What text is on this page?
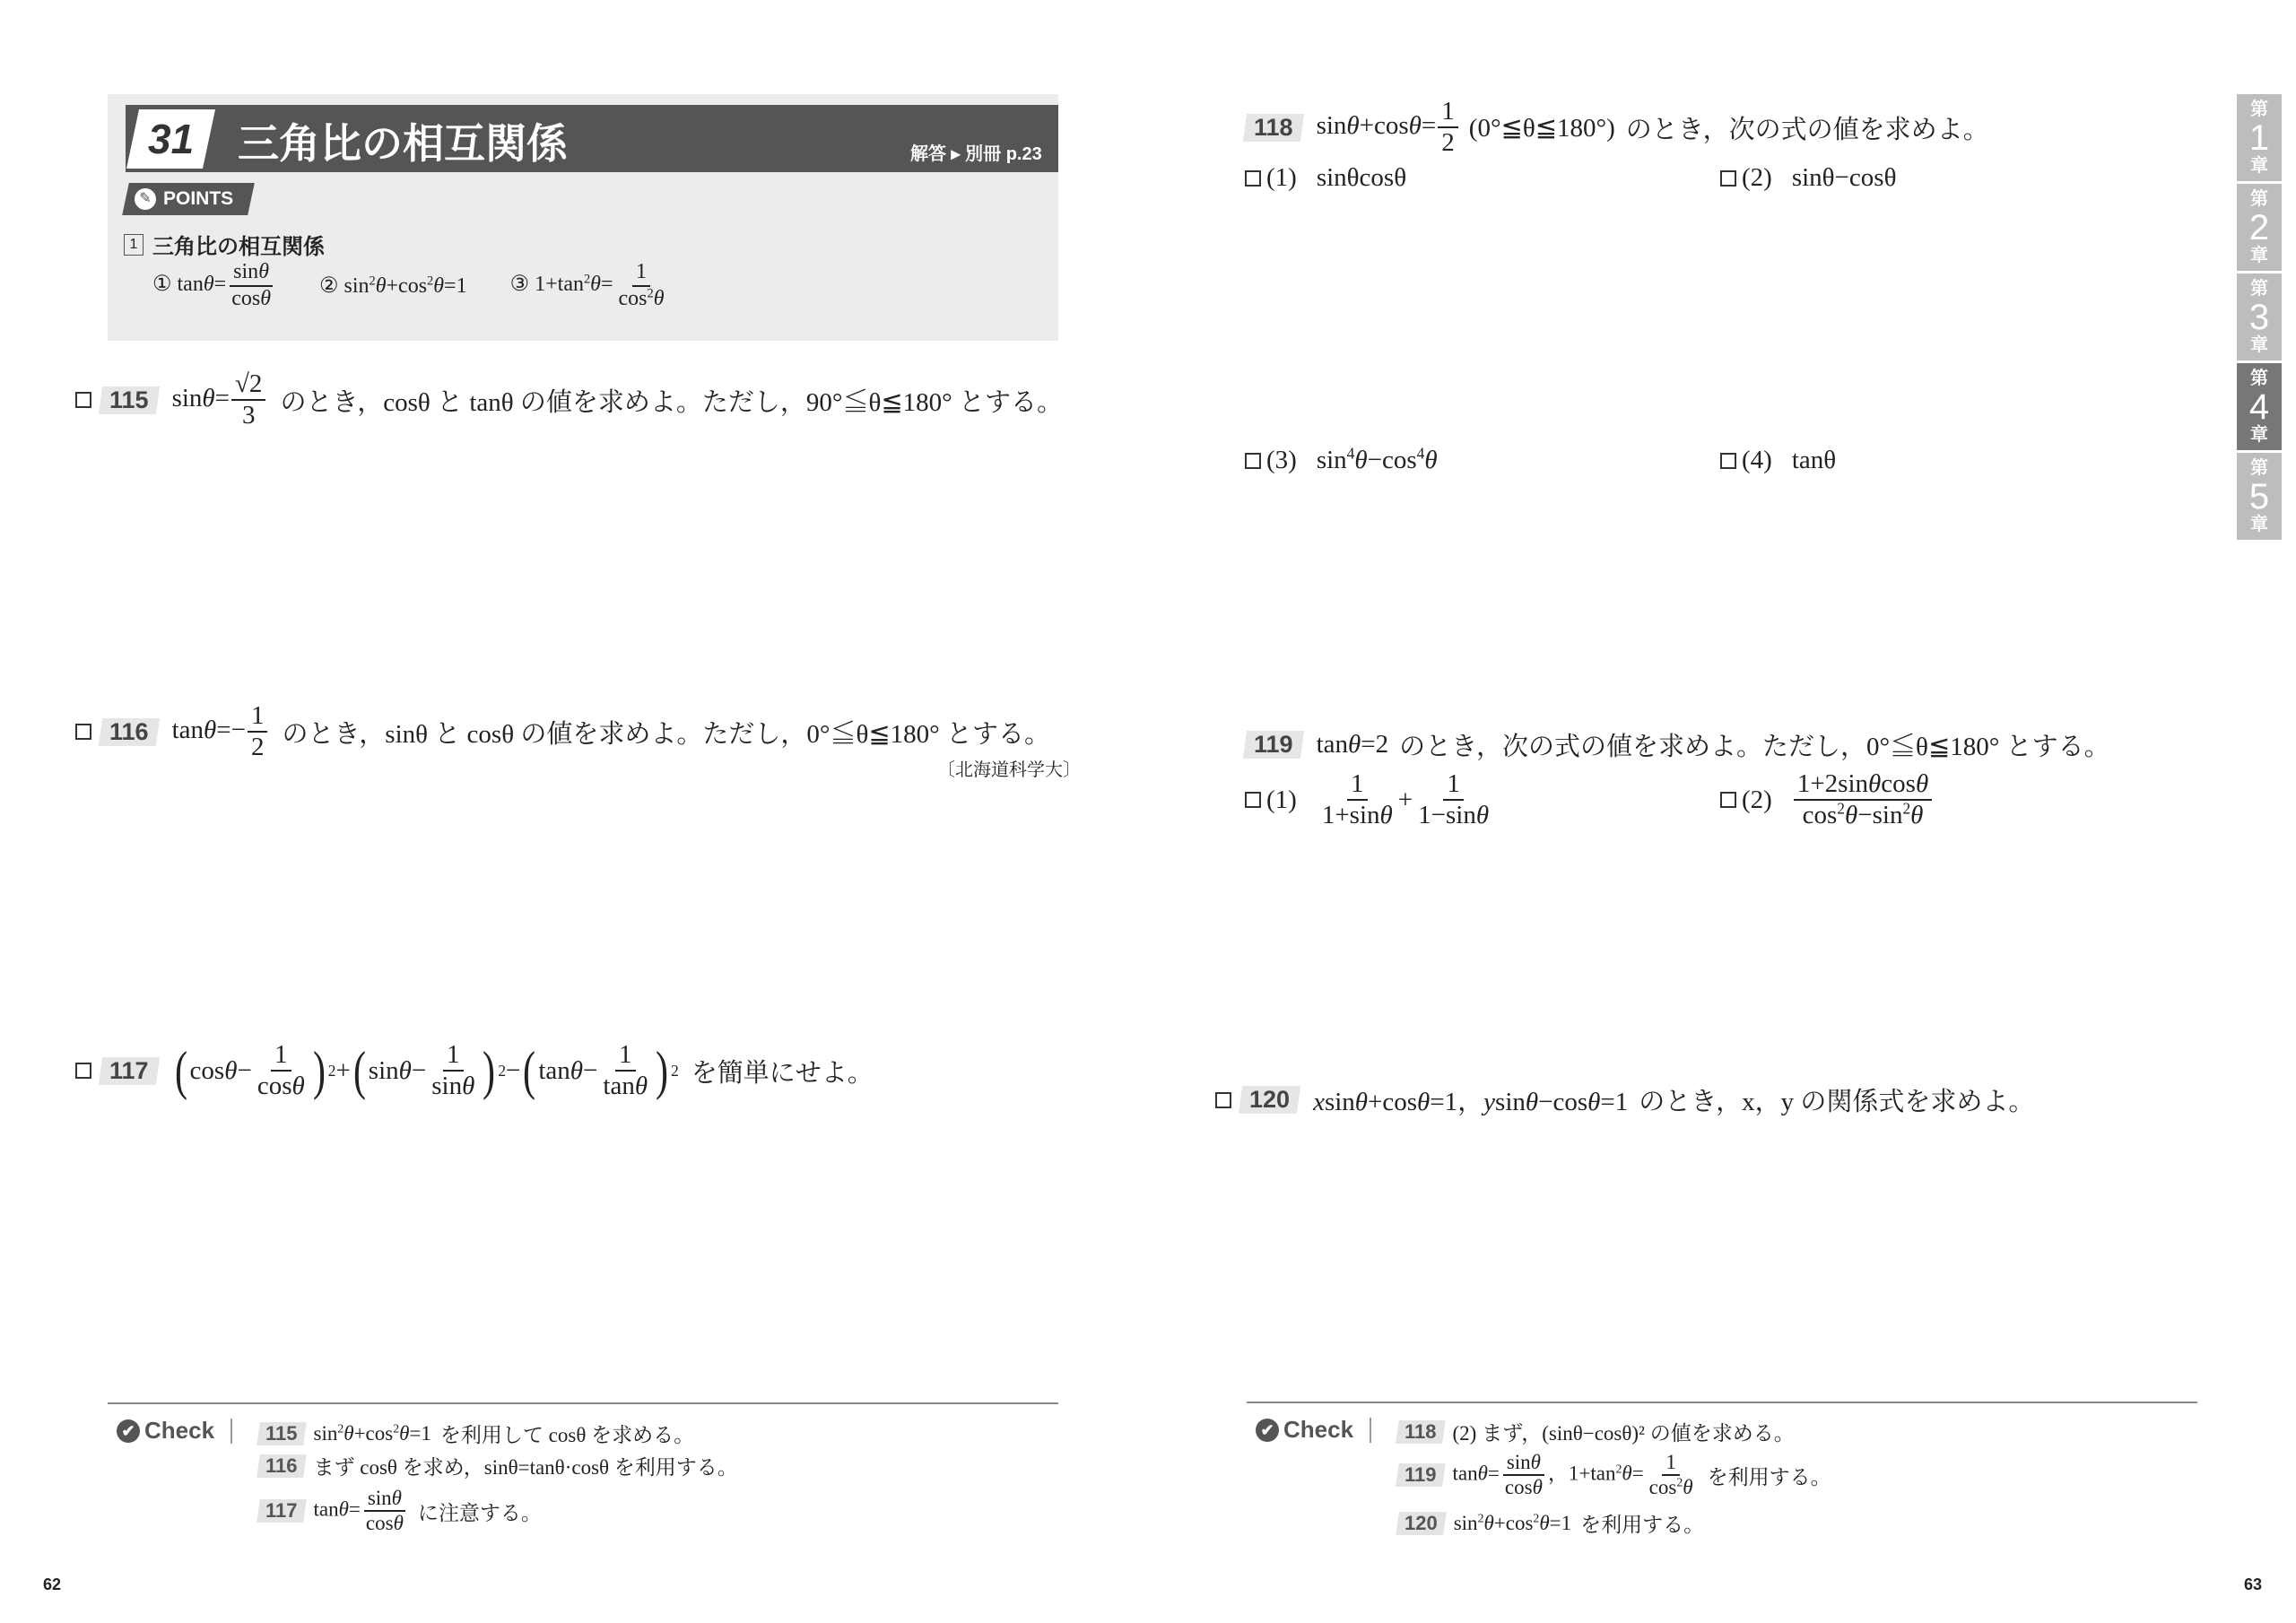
31 三角比の相互関係	解答 ▸ 別冊 p.23
✎ POINTS
1 三角比の相互関係
① $\tan\theta= \frac{\sin\theta}{\cos\theta}$ ② $\sin^2\theta+\cos^2\theta=1$ ③ $1+\tan^2\theta= \frac{1}{\cos^2\theta}$
115 $\sin\theta= \frac{√2}{3}$ のとき，cosθ と tanθ の値を求めよ。ただし，90°≦θ≦180° とする。
116 $\tan\theta=- \frac{1}{2}$ のとき，sinθ と cosθ の値を求めよ。ただし，0°≦θ≦180° とする。
〔北海道科学大〕
117 ( $\cos \theta - \frac{1}{\cos\theta}$ ) 2 + ( $\sin \theta - \frac{1}{\sin\theta}$ ) 2 − ( $\tan \theta - \frac{1}{\tan\theta}$ ) 2 を簡単にせよ。
✔ Check	115 $\sin^2\theta+\cos^2\theta=1$ を利用して cosθ を求める。
116 まず cosθ を求め，sinθ=tanθ·cosθ を利用する。
117 $\tan\theta= \frac{\sin\theta}{\cos\theta}$ に注意する。
62
118 $\sin\theta+\cos\theta= \frac{1}{2}$ (0°≦θ≦180°) のとき，次の式の値を求めよ。
(1) sinθcosθ	(2) sinθ−cosθ
(3) $\sin^4\theta-\cos^4\theta$	(4) tanθ
119 tanθ=2 のとき，次の式の値を求めよ。ただし，0°≦θ≦180° とする。
$(1) \frac{1}{1+\sin\theta} + \frac{1}{1-\sin\theta}$	$(2) \frac{1+2\sin\theta\cos\theta}{\cos^2\theta-\sin^2\theta}$
120 xsinθ+cosθ=1，ysinθ−cosθ=1 のとき，x，y の関係式を求めよ。
✔ Check	118 (2) まず，(sinθ−cosθ)² の値を求める。
119 $\tan\theta= \frac{\sin\theta}{\cos\theta}$ ，$1+\tan^2\theta= \frac{1}{\cos^2\theta}$ を利用する。
120 $\sin^2\theta+\cos^2\theta=1$ を利用する。
63
第
1
章
第
2
章
第
3
章
第
4
章
第
5
章
